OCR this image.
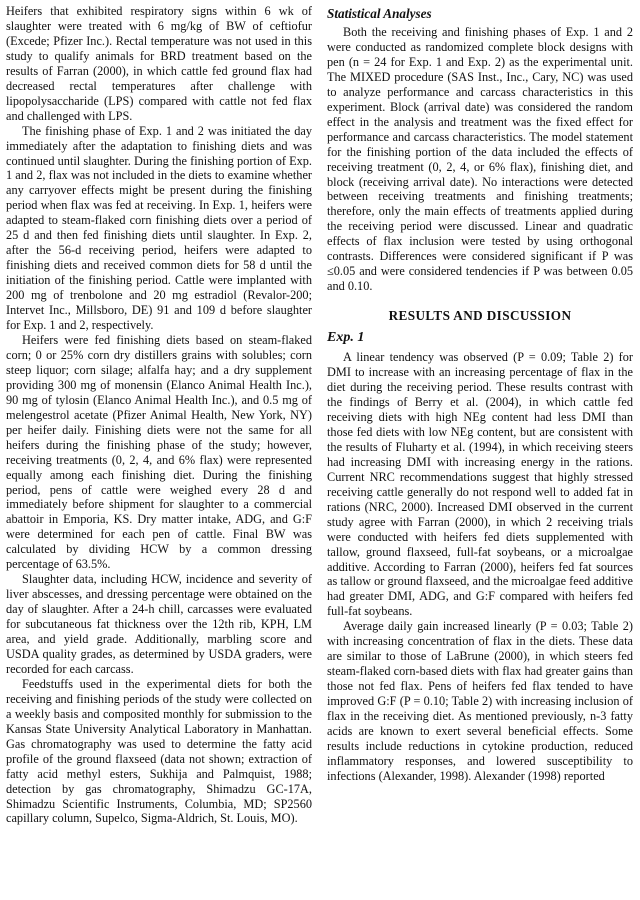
Heifers that exhibited respiratory signs within 6 wk of slaughter were treated with 6 mg/kg of BW of ceftiofur (Excede; Pfizer Inc.). Rectal temperature was not used in this study to qualify animals for BRD treatment based on the results of Farran (2000), in which cattle fed ground flax had decreased rectal temperatures after challenge with lipopolysaccharide (LPS) compared with cattle not fed flax and challenged with LPS.

The finishing phase of Exp. 1 and 2 was initiated the day immediately after the adaptation to finishing diets and was continued until slaughter. During the finishing portion of Exp. 1 and 2, flax was not included in the diets to examine whether any carryover effects might be present during the finishing period when flax was fed at receiving. In Exp. 1, heifers were adapted to steam-flaked corn finishing diets over a period of 25 d and then fed finishing diets until slaughter. In Exp. 2, after the 56-d receiving period, heifers were adapted to finishing diets and received common diets for 58 d until the initiation of the finishing period. Cattle were implanted with 200 mg of trenbolone and 20 mg estradiol (Revalor-200; Intervet Inc., Millsboro, DE) 91 and 109 d before slaughter for Exp. 1 and 2, respectively.

Heifers were fed finishing diets based on steam-flaked corn; 0 or 25% corn dry distillers grains with solubles; corn steep liquor; corn silage; alfalfa hay; and a dry supplement providing 300 mg of monensin (Elanco Animal Health Inc.), 90 mg of tylosin (Elanco Animal Health Inc.), and 0.5 mg of melengestrol acetate (Pfizer Animal Health, New York, NY) per heifer daily. Finishing diets were not the same for all heifers during the finishing phase of the study; however, receiving treatments (0, 2, 4, and 6% flax) were represented equally among each finishing diet. During the finishing period, pens of cattle were weighed every 28 d and immediately before shipment for slaughter to a commercial abattoir in Emporia, KS. Dry matter intake, ADG, and G:F were determined for each pen of cattle. Final BW was calculated by dividing HCW by a common dressing percentage of 63.5%.

Slaughter data, including HCW, incidence and severity of liver abscesses, and dressing percentage were obtained on the day of slaughter. After a 24-h chill, carcasses were evaluated for subcutaneous fat thickness over the 12th rib, KPH, LM area, and yield grade. Additionally, marbling score and USDA quality grades, as determined by USDA graders, were recorded for each carcass.

Feedstuffs used in the experimental diets for both the receiving and finishing periods of the study were collected on a weekly basis and composited monthly for submission to the Kansas State University Analytical Laboratory in Manhattan. Gas chromatography was used to determine the fatty acid profile of the ground flaxseed (data not shown; extraction of fatty acid methyl esters, Sukhija and Palmquist, 1988; detection by gas chromatography, Shimadzu GC-17A, Shimadzu Scientific Instruments, Columbia, MD; SP2560 capillary column, Supelco, Sigma-Aldrich, St. Louis, MO).

Statistical Analyses

Both the receiving and finishing phases of Exp. 1 and 2 were conducted as randomized complete block designs with pen (n = 24 for Exp. 1 and Exp. 2) as the experimental unit. The MIXED procedure (SAS Inst., Inc., Cary, NC) was used to analyze performance and carcass characteristics in this experiment. Block (arrival date) was considered the random effect in the analysis and treatment was the fixed effect for performance and carcass characteristics. The model statement for the finishing portion of the data included the effects of receiving treatment (0, 2, 4, or 6% flax), finishing diet, and block (receiving arrival date). No interactions were detected between receiving treatments and finishing treatments; therefore, only the main effects of treatments applied during the receiving period were discussed. Linear and quadratic effects of flax inclusion were tested by using orthogonal contrasts. Differences were considered significant if P was ≤0.05 and were considered tendencies if P was between 0.05 and 0.10.

RESULTS AND DISCUSSION
Exp. 1

A linear tendency was observed (P = 0.09; Table 2) for DMI to increase with an increasing percentage of flax in the diet during the receiving period. These results contrast with the findings of Berry et al. (2004), in which cattle fed receiving diets with high NEg content had less DMI than those fed diets with low NEg content, but are consistent with the results of Fluharty et al. (1994), in which receiving steers had increasing DMI with increasing energy in the rations. Current NRC recommendations suggest that highly stressed receiving cattle generally do not respond well to added fat in rations (NRC, 2000). Increased DMI observed in the current study agree with Farran (2000), in which 2 receiving trials were conducted with heifers fed diets supplemented with tallow, ground flaxseed, full-fat soybeans, or a microalgae additive. According to Farran (2000), heifers fed fat sources as tallow or ground flaxseed, and the microalgae feed additive had greater DMI, ADG, and G:F compared with heifers fed full-fat soybeans.

Average daily gain increased linearly (P = 0.03; Table 2) with increasing concentration of flax in the diets. These data are similar to those of LaBrune (2000), in which steers fed steam-flaked corn-based diets with flax had greater gains than those not fed flax. Pens of heifers fed flax tended to have improved G:F (P = 0.10; Table 2) with increasing inclusion of flax in the receiving diet. As mentioned previously, n-3 fatty acids are known to exert several beneficial effects. Some results include reductions in cytokine production, reduced inflammatory responses, and lowered susceptibility to infections (Alexander, 1998). Alexander (1998) reported
